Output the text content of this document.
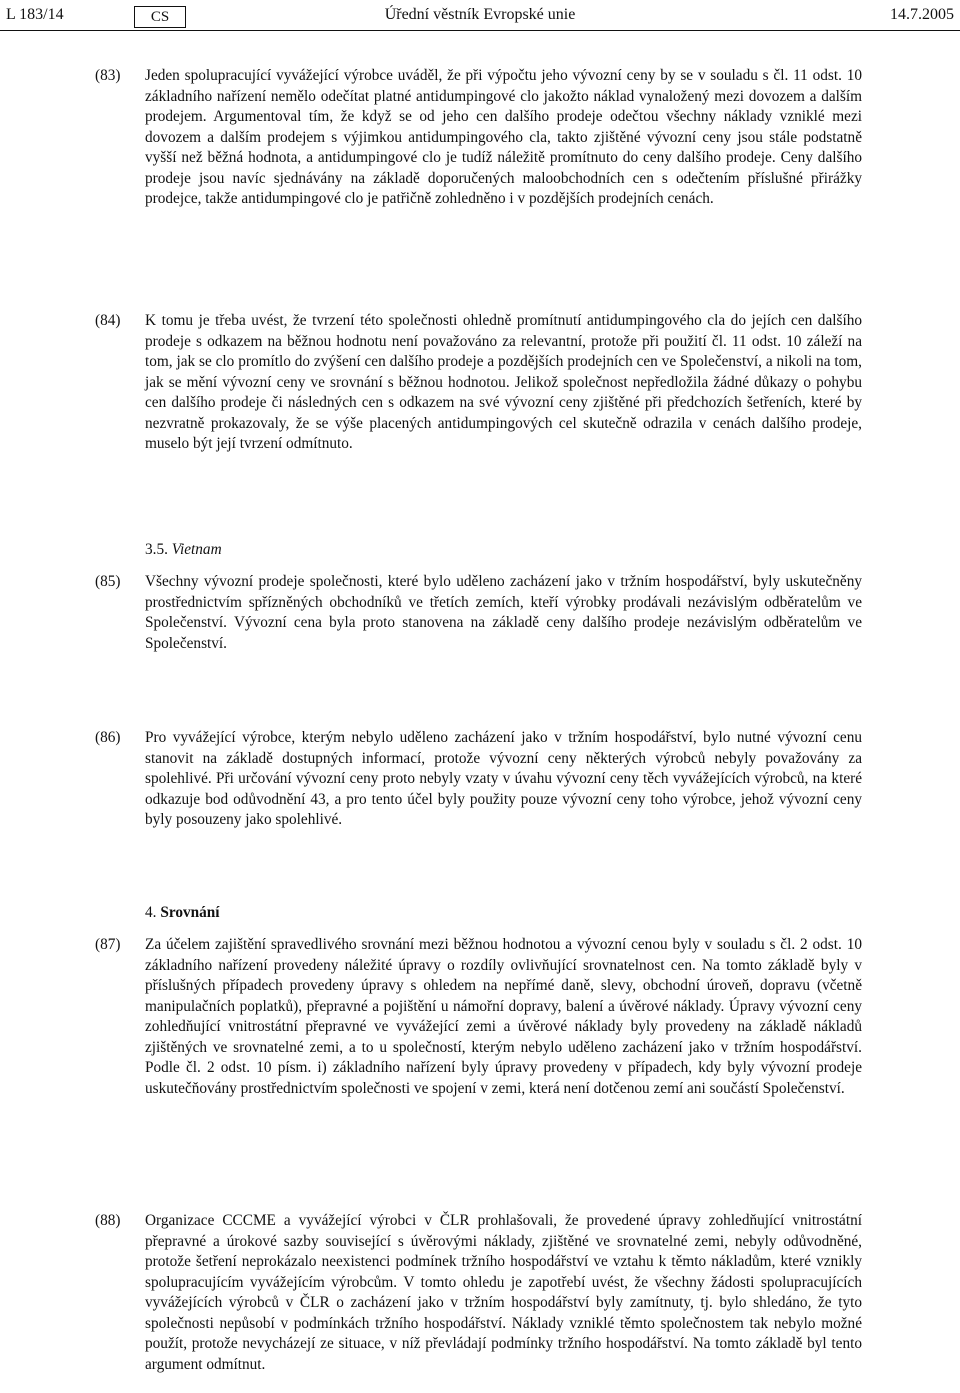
L 183/14	Úřední věstník Evropské unie
CS	14.7.2005
(83) Jeden spolupracující vyvážející výrobce uváděl, že při výpočtu jeho vývozní ceny by se v souladu s čl. 11 odst. 10 základního nařízení nemělo odečítat platné antidumpingové clo jakožto náklad vynaložený mezi dovozem a dalším prodejem. Argumentoval tím, že když se od jeho cen dalšího prodeje odečtou všechny náklady vzniklé mezi dovozem a dalším prodejem s výjimkou antidumpingového cla, takto zjištěné vývozní ceny jsou stále podstatně vyšší než běžná hodnota, a antidumpingové clo je tudíž náležitě promítnuto do ceny dalšího prodeje. Ceny dalšího prodeje jsou navíc sjednávány na základě doporučených maloobchodních cen s odečtením příslušné přirážky prodejce, takže antidumpingové clo je patřičně zohledněno i v pozdějších prodejních cenách.
(84) K tomu je třeba uvést, že tvrzení této společnosti ohledně promítnutí antidumpingového cla do jejích cen dalšího prodeje s odkazem na běžnou hodnotu není považováno za relevantní, protože při použití čl. 11 odst. 10 záleží na tom, jak se clo promítlo do zvýšení cen dalšího prodeje a pozdějších prodejních cen ve Společenství, a nikoli na tom, jak se mění vývozní ceny ve srovnání s běžnou hodnotou. Jelikož společnost nepředložila žádné důkazy o pohybu cen dalšího prodeje či následných cen s odkazem na své vývozní ceny zjištěné při předchozích šetřeních, které by nezvratně prokazovaly, že se výše placených antidumpingových cel skutečně odrazila v cenách dalšího prodeje, muselo být její tvrzení odmítnuto.
3.5. Vietnam
(85) Všechny vývozní prodeje společnosti, které bylo uděleno zacházení jako v tržním hospodářství, byly uskutečněny prostřednictvím spřízněných obchodníků ve třetích zemích, kteří výrobky prodávali nezávislým odběratelům ve Společenství. Vývozní cena byla proto stanovena na základě ceny dalšího prodeje nezávislým odběratelům ve Společenství.
(86) Pro vyvážející výrobce, kterým nebylo uděleno zacházení jako v tržním hospodářství, bylo nutné vývozní cenu stanovit na základě dostupných informací, protože vývozní ceny některých výrobců nebyly považovány za spolehlivé. Při určování vývozní ceny proto nebyly vzaty v úvahu vývozní ceny těch vyvážejících výrobců, na které odkazuje bod odůvodnění 43, a pro tento účel byly použity pouze vývozní ceny toho výrobce, jehož vývozní ceny byly posouzeny jako spolehlivé.
4. Srovnání
(87) Za účelem zajištění spravedlivého srovnání mezi běžnou hodnotou a vývozní cenou byly v souladu s čl. 2 odst. 10 základního nařízení provedeny náležité úpravy o rozdíly ovlivňující srovnatelnost cen. Na tomto základě byly v příslušných případech provedeny úpravy s ohledem na nepřímé daně, slevy, obchodní úroveň, dopravu (včetně manipulačních poplatků), přepravné a pojištění u námořní dopravy, balení a úvěrové náklady. Úpravy vývozní ceny zohledňující vnitrostátní přepravné ve vyvážející zemi a úvěrové náklady byly provedeny na základě nákladů zjištěných ve srovnatelné zemi, a to u společností, kterým nebylo uděleno zacházení jako v tržním hospodářství. Podle čl. 2 odst. 10 písm. i) základního nařízení byly úpravy provedeny v případech, kdy byly vývozní prodeje uskutečňovány prostřednictvím společnosti ve spojení v zemi, která není dotčenou zemí ani součástí Společenství.
(88) Organizace CCCME a vyvážející výrobci v ČLR prohlašovali, že provedené úpravy zohledňující vnitrostátní přepravné a úrokové sazby související s úvěrovými náklady, zjištěné ve srovnatelné zemi, nebyly odůvodněné, protože šetření neprokázalo neexistenci podmínek tržního hospodářství ve vztahu k těmto nákladům, které vznikly spolupracujícím vyvážejícím výrobcům. V tomto ohledu je zapotřebí uvést, že všechny žádosti spolupracujících vyvážejících výrobců v ČLR o zacházení jako v tržním hospodářství byly zamítnuty, tj. bylo shledáno, že tyto společnosti nepůsobí v podmínkách tržního hospodářství. Náklady vzniklé těmto společnostem tak nebylo možné použít, protože nevycházejí ze situace, v níž převládají podmínky tržního hospodářství. Na tomto základě byl tento argument odmítnut.
